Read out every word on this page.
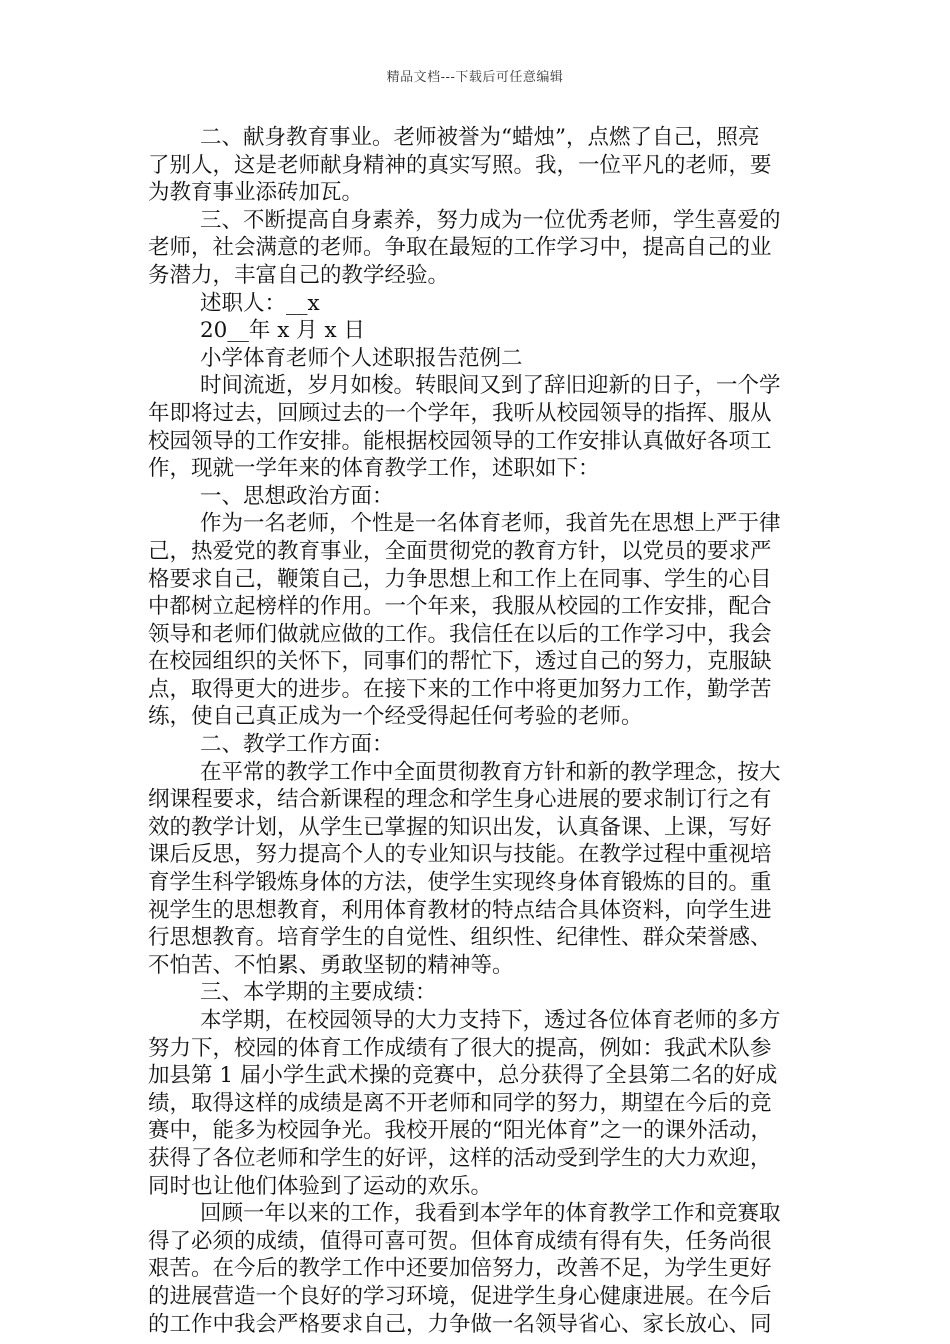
精品文档---下载后可任意编辑

二、献身教育事业。老师被誉为“蜡烛”，点燃了自己，照亮

了别人，这是老师献身精神的真实写照。我，一位平凡的老师，要

为教育事业添砖加瓦。

三、不断提高自身素养，努力成为一位优秀老师，学生喜爱的

老师，社会满意的老师。争取在最短的工作学习中，提高自己的业

务潜力，丰富自己的教学经验。

述职人：__x

20__年 x 月 x 日

小学体育老师个人述职报告范例二

时间流逝，岁月如梭。转眼间又到了辞旧迎新的日子，一个学

年即将过去，回顾过去的一个学年，我听从校园领导的指挥、服从

校园领导的工作安排。能根据校园领导的工作安排认真做好各项工

作，现就一学年来的体育教学工作，述职如下：

一、思想政治方面：

作为一名老师，个性是一名体育老师，我首先在思想上严于律

己，热爱党的教育事业，全面贯彻党的教育方针，以党员的要求严

格要求自己，鞭策自己，力争思想上和工作上在同事、学生的心目

中都树立起榜样的作用。一个年来，我服从校园的工作安排，配合

领导和老师们做就应做的工作。我信任在以后的工作学习中，我会

在校园组织的关怀下，同事们的帮忙下，透过自己的努力，克服缺

点，取得更大的进步。在接下来的工作中将更加努力工作，勤学苦

练，使自己真正成为一个经受得起任何考验的老师。

二、教学工作方面：

在平常的教学工作中全面贯彻教育方针和新的教学理念，按大

纲课程要求，结合新课程的理念和学生身心进展的要求制订行之有

效的教学计划，从学生已掌握的知识出发，认真备课、上课，写好

课后反思，努力提高个人的专业知识与技能。在教学过程中重视培

育学生科学锻炼身体的方法，使学生实现终身体育锻炼的目的。重

视学生的思想教育，利用体育教材的特点结合具体资料，向学生进

行思想教育。培育学生的自觉性、组织性、纪律性、群众荣誉感、

不怕苦、不怕累、勇敢坚韧的精神等。

三、本学期的主要成绩：

本学期，在校园领导的大力支持下，透过各位体育老师的多方

努力下，校园的体育工作成绩有了很大的提高，例如：我武术队参

加县第 1 届小学生武术操的竞赛中，总分获得了全县第二名的好成

绩，取得这样的成绩是离不开老师和同学的努力，期望在今后的竞

赛中，能多为校园争光。我校开展的“阳光体育”之一的课外活动，

获得了各位老师和学生的好评，这样的活动受到学生的大力欢迎，

同时也让他们体验到了运动的欢乐。

回顾一年以来的工作，我看到本学年的体育教学工作和竞赛取

得了必须的成绩，值得可喜可贺。但体育成绩有得有失，任务尚很

艰苦。在今后的教学工作中还要加倍努力，改善不足，为学生更好

的进展营造一个良好的学习环境，促进学生身心健康进展。在今后

的工作中我会严格要求自己，力争做一名领导省心、家长放心、同
